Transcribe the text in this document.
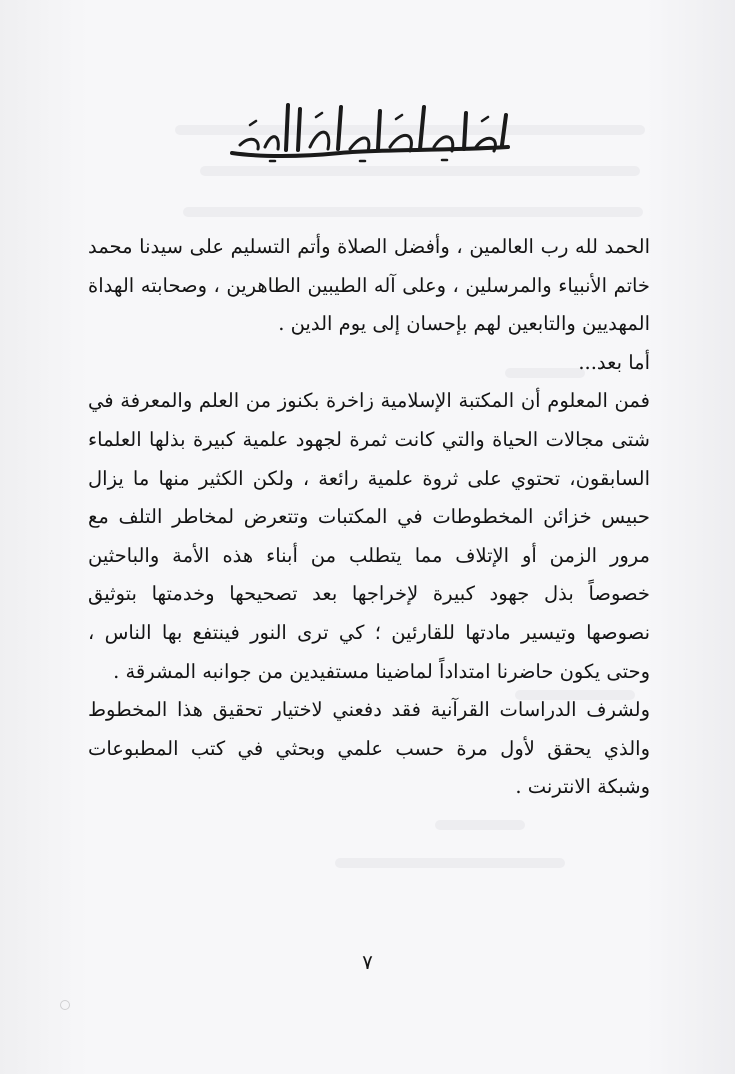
بسم الله الرحمن الرحيم

الحمد لله رب العالمين ، وأفضل الصلاة وأتم التسليم على سيدنا محمد خاتم الأنبياء والمرسلين ، وعلى آله الطيبين الطاهرين ، وصحابته الهداة المهديين والتابعين لهم بإحسان إلى يوم الدين .

أما بعد...

فمن المعلوم أن المكتبة الإسلامية زاخرة بكنوز من العلم والمعرفة في شتى مجالات الحياة والتي كانت ثمرة لجهود علمية كبيرة بذلها العلماء السابقون، تحتوي على ثروة علمية رائعة ، ولكن الكثير منها ما يزال حبيس خزائن المخطوطات في المكتبات وتتعرض لمخاطر التلف مع مرور الزمن أو الإتلاف مما يتطلب من أبناء هذه الأمة والباحثين خصوصاً بذل جهود كبيرة لإخراجها بعد تصحيحها وخدمتها بتوثيق نصوصها وتيسير مادتها للقارئين ؛ كي ترى النور فينتفع بها الناس ، وحتى يكون حاضرنا امتداداً لماضينا مستفيدين من جوانبه المشرقة .

ولشرف الدراسات القرآنية فقد دفعني لاختيار تحقيق هذا المخطوط والذي يحقق لأول مرة حسب علمي وبحثي في كتب المطبوعات وشبكة الانترنت .

٧
